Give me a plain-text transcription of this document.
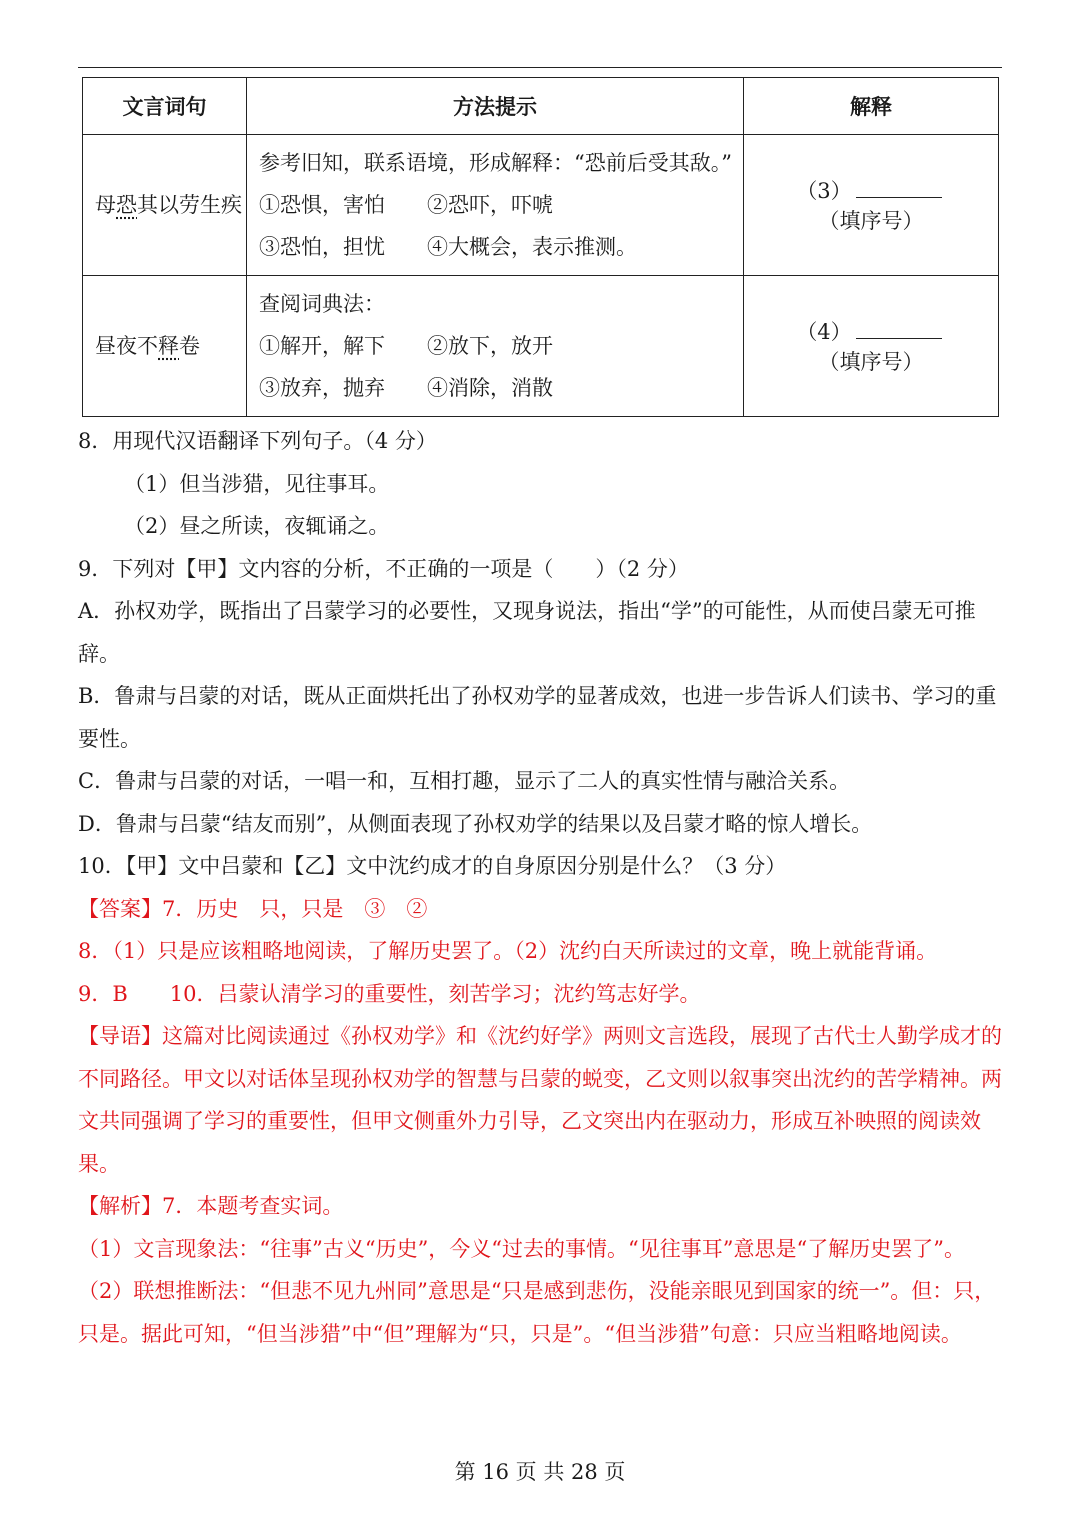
文言词句	方法提示	解释
母恐其以劳生疾	参考旧知，联系语境，形成解释：“恐前后受其敌。”
①恐惧，害怕 ②恐吓，吓唬
③恐怕，担忧 ④大概会，表示推测。	（3）（填序号）
昼夜不释卷	查阅词典法：
①解开，解下 ②放下，放开
③放弃，抛弃 ④消除，消散	（4）（填序号）

8．用现代汉语翻译下列句子。（4 分）

（1）但当涉猎，见往事耳。

（2）昼之所读，夜辄诵之。

9．下列对【甲】文内容的分析，不正确的一项是（　　）（2 分）

A．孙权劝学，既指出了吕蒙学习的必要性，又现身说法，指出“学”的可能性，从而使吕蒙无可推辞。

B．鲁肃与吕蒙的对话，既从正面烘托出了孙权劝学的显著成效，也进一步告诉人们读书、学习的重要性。

C．鲁肃与吕蒙的对话，一唱一和，互相打趣，显示了二人的真实性情与融洽关系。

D．鲁肃与吕蒙“结友而别”，从侧面表现了孙权劝学的结果以及吕蒙才略的惊人增长。

10．【甲】文中吕蒙和【乙】文中沈约成才的自身原因分别是什么？（3 分）

【答案】7．历史　只，只是　③　②

8．（1）只是应该粗略地阅读，了解历史罢了。（2）沈约白天所读过的文章，晚上就能背诵。

9．B　　10．吕蒙认清学习的重要性，刻苦学习；沈约笃志好学。

【导语】这篇对比阅读通过《孙权劝学》和《沈约好学》两则文言选段，展现了古代士人勤学成才的不同路径。甲文以对话体呈现孙权劝学的智慧与吕蒙的蜕变，乙文则以叙事突出沈约的苦学精神。两文共同强调了学习的重要性，但甲文侧重外力引导，乙文突出内在驱动力，形成互补映照的阅读效果。

【解析】7．本题考查实词。

（1）文言现象法：“往事”古义“历史”，今义“过去的事情。“见往事耳”意思是“了解历史罢了”。

（2）联想推断法：“但悲不见九州同”意思是“只是感到悲伤，没能亲眼见到国家的统一”。但：只，只是。据此可知，“但当涉猎”中“但”理解为“只，只是”。“但当涉猎”句意：只应当粗略地阅读。

第 16 页 共 28 页
